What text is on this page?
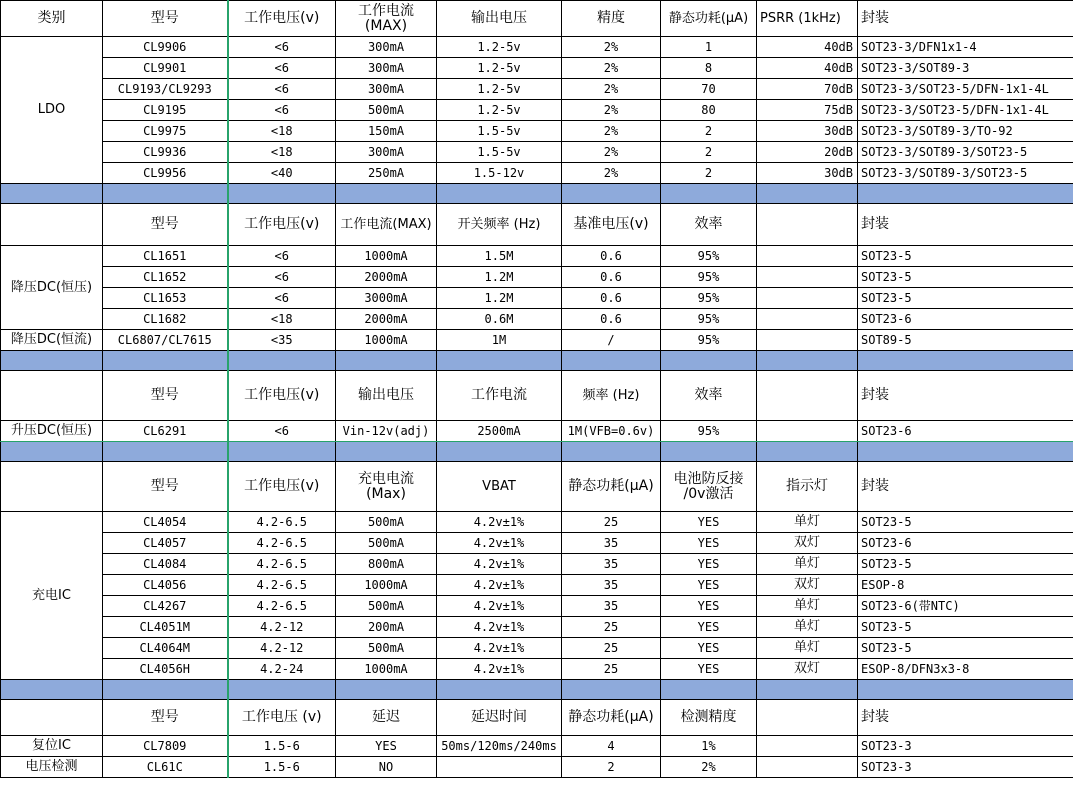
类别	型号	工作电压(v)	工作电流(MAX)	输出电压	精度	静态功耗(μA)	PSRR (1kHz)	封装
LDO	CL9906	<6	300mA	1.2-5v	2%	1	40dB	SOT23-3/DFN1x1-4
	CL9901	<6	300mA	1.2-5v	2%	8	40dB	SOT23-3/SOT89-3
	CL9193/CL9293	<6	300mA	1.2-5v	2%	70	70dB	SOT23-3/SOT23-5/DFN-1x1-4L
	CL9195	<6	500mA	1.2-5v	2%	80	75dB	SOT23-3/SOT23-5/DFN-1x1-4L
	CL9975	<18	150mA	1.5-5v	2%	2	30dB	SOT23-3/SOT89-3/TO-92
	CL9936	<18	300mA	1.5-5v	2%	2	20dB	SOT23-3/SOT89-3/SOT23-5
	CL9956	<40	250mA	1.5-12v	2%	2	30dB	SOT23-3/SOT89-3/SOT23-5

	型号	工作电压(v)	工作电流(MAX)	开关频率 (Hz)	基准电压(v)	效率		封装
降压DC(恒压)	CL1651	<6	1000mA	1.5M	0.6	95%		SOT23-5
	CL1652	<6	2000mA	1.2M	0.6	95%		SOT23-5
	CL1653	<6	3000mA	1.2M	0.6	95%		SOT23-5
	CL1682	<18	2000mA	0.6M	0.6	95%		SOT23-6
降压DC(恒流)	CL6807/CL7615	<35	1000mA	1M	/	95%		SOT89-5

	型号	工作电压(v)	输出电压	工作电流	频率 (Hz)	效率		封装
升压DC(恒压)	CL6291	<6	Vin-12v(adj)	2500mA	1M(VFB=0.6v)	95%		SOT23-6

	型号	工作电压(v)	充电电流 (Max)	VBAT	静态功耗(μA)	电池防反接 /0v激活	指示灯	封装
充电IC	CL4054	4.2-6.5	500mA	4.2v±1%	25	YES	单灯	SOT23-5
	CL4057	4.2-6.5	500mA	4.2v±1%	35	YES	双灯	SOT23-6
	CL4084	4.2-6.5	800mA	4.2v±1%	35	YES	单灯	SOT23-5
	CL4056	4.2-6.5	1000mA	4.2v±1%	35	YES	双灯	ESOP-8
	CL4267	4.2-6.5	500mA	4.2v±1%	35	YES	单灯	SOT23-6(带NTC)
	CL4051M	4.2-12	200mA	4.2v±1%	25	YES	单灯	SOT23-5
	CL4064M	4.2-12	500mA	4.2v±1%	25	YES	单灯	SOT23-5
	CL4056H	4.2-24	1000mA	4.2v±1%	25	YES	双灯	ESOP-8/DFN3x3-8

	型号	工作电压 (v)	延迟	延迟时间	静态功耗(μA)	检测精度		封装
复位IC	CL7809	1.5-6	YES	50ms/120ms/240ms	4	1%		SOT23-3
电压检测	CL61C	1.5-6	NO		2	2%		SOT23-3
